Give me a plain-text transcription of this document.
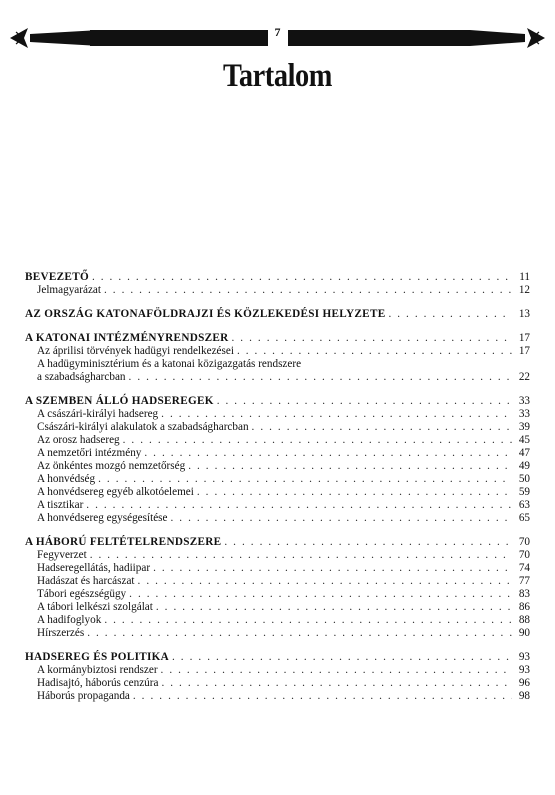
7
Tartalom
BEVEZETŐ . . .	11
Jelmagyarázat . . .	12
AZ ORSZÁG KATONAFÖLDRAJZI ÉS KÖZLEKEDÉSI HELYZETE . . .	13
A KATONAI INTÉZMÉNYRENDSZER . . .	17
Az áprilisi törvények hadügyi rendelkezései . . .	17
A hadügyminisztérium és a katonai közigazgatás rendszere
a szabadságharcban . . .	22
A SZEMBEN ÁLLÓ HADSEREGEK . . .	33
A császári-királyi hadsereg . . .	33
Császári-királyi alakulatok a szabadságharcban . . .	39
Az orosz hadsereg . . .	45
A nemzetőri intézmény . . .	47
Az önkéntes mozgó nemzetőrség . . .	49
A honvédség . . .	50
A honvédsereg egyéb alkotóelemei . . .	59
A tisztikar . . .	63
A honvédsereg egységesítése . . .	65
A HÁBORÚ FELTÉTELRENDSZERE . . .	70
Fegyverzet . . .	70
Hadseregellátás, hadiipar . . .	74
Hadászat és harcászat . . .	77
Tábori egészségügy . . .	83
A tábori lelkészi szolgálat . . .	86
A hadifoglyok . . .	88
Hírszerzés . . .	90
HADSEREG ÉS POLITIKA . . .	93
A kormánybiztosi rendszer . . .	93
Hadisajtó, háborús cenzúra . . .	96
Háborús propaganda . . .	98
